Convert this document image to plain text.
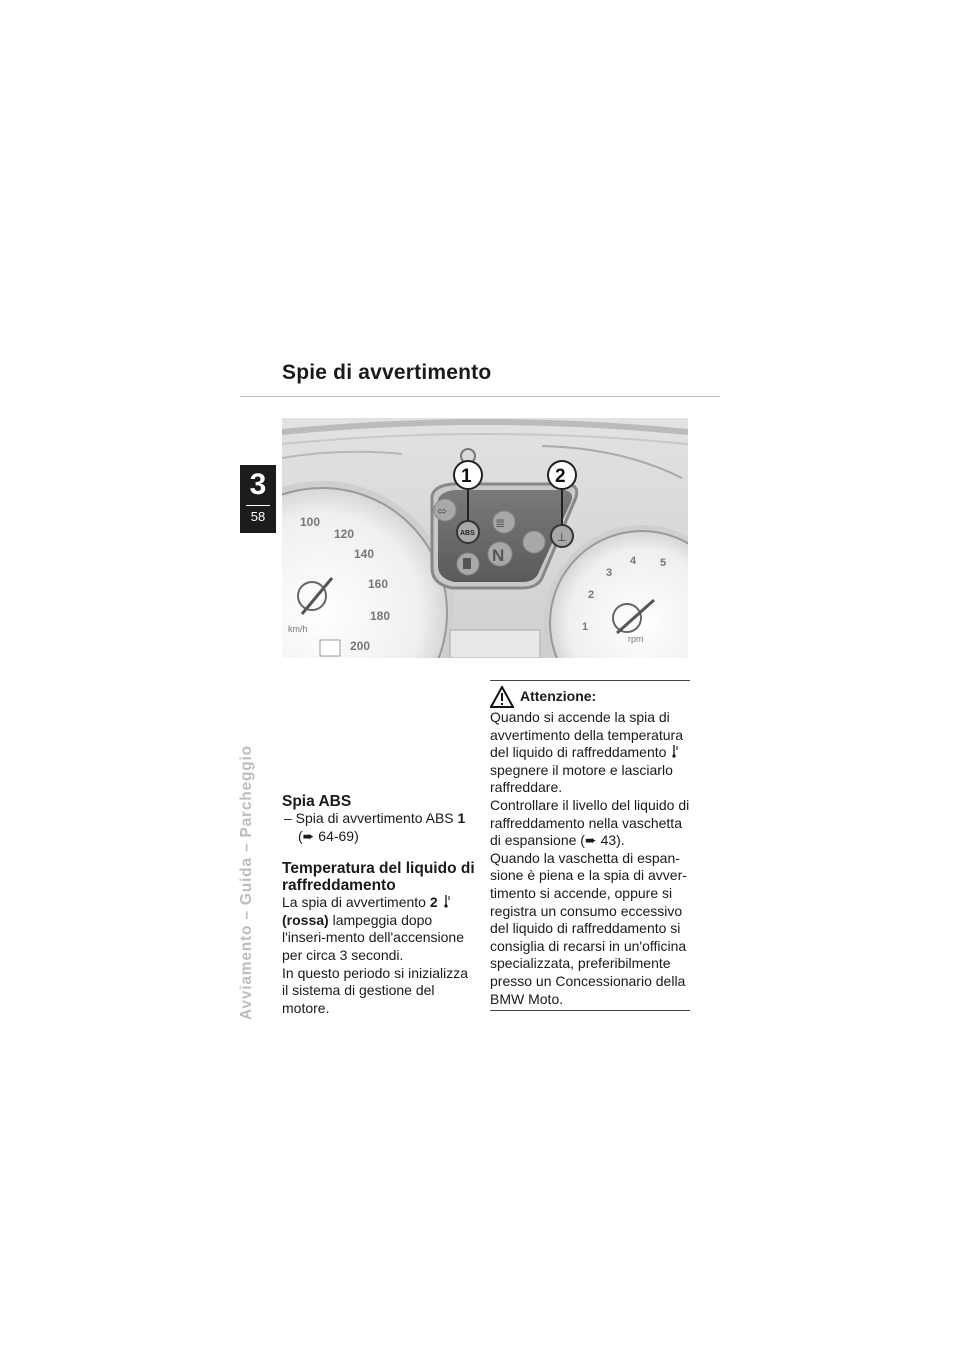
Spie di avvertimento
3
58
Avviamento – Guida – Parcheggio
100
120
140
160
180
200
km/h	1
2
3
4 5
rpm
⬄
ABS
≣
⊥
N
1	2
Spia ABS
– Spia di avvertimento ABS 1
(➨ 64-69)
Temperatura del liquido di raffreddamento
La spia di avvertimento 2  (rossa) lampeggia dopo l'inseri-mento dell'accensione per circa 3 secondi.
In questo periodo si inizializza il sistema di gestione del motore.
Attenzione:
Quando si accende la spia di avvertimento della temperatura del liquido di raffreddamento  spegnere il motore e lasciarlo raffreddare.
Controllare il livello del liquido di raffreddamento nella vaschetta di espansione (➨ 43).
Quando la vaschetta di espan-sione è piena e la spia di avver-timento si accende, oppure si registra un consumo eccessivo del liquido di raffreddamento si consiglia di recarsi in un'officina specializzata, preferibilmente presso un Concessionario della BMW Moto.
